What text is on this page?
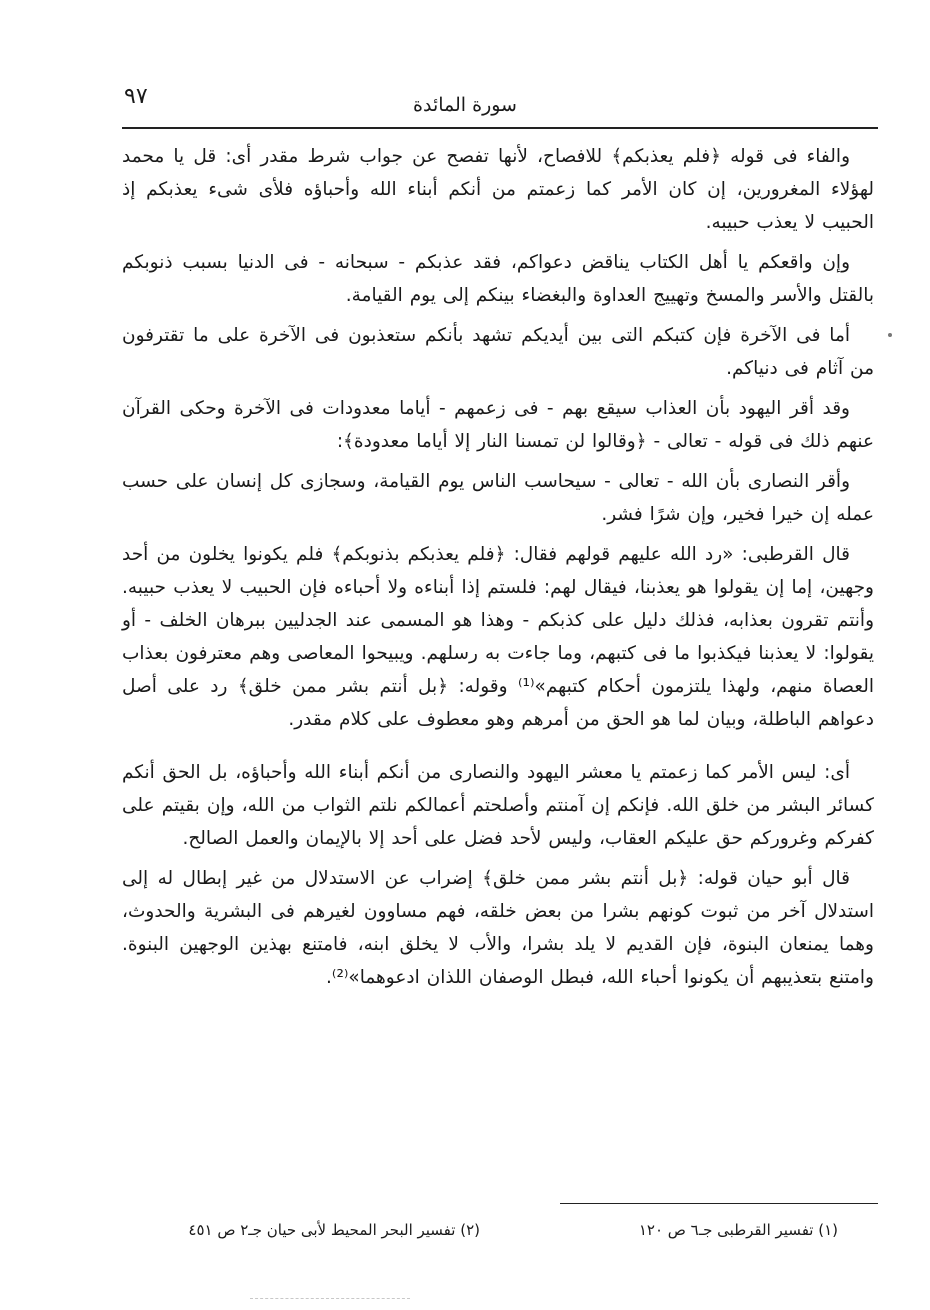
٩٧	سورة المائدة

والفاء فى قوله ﴿فلم يعذبكم﴾ للافصاح، لأنها تفصح عن جواب شرط مقدر أى: قل يا محمد لهؤلاء المغرورين، إن كان الأمر كما زعمتم من أنكم أبناء الله وأحباؤه فلأى شىء يعذبكم إذ الحبيب لا يعذب حبيبه.

وإن واقعكم يا أهل الكتاب يناقض دعواكم، فقد عذبكم - سبحانه - فى الدنيا بسبب ذنوبكم بالقتل والأسر والمسخ وتهييج العداوة والبغضاء بينكم إلى يوم القيامة.

أما فى الآخرة فإن كتبكم التى بين أيديكم تشهد بأنكم ستعذبون فى الآخرة على ما تقترفون من آثام فى دنياكم.

وقد أقر اليهود بأن العذاب سيقع بهم - فى زعمهم - أياما معدودات فى الآخرة وحكى القرآن عنهم ذلك فى قوله - تعالى - ﴿وقالوا لن تمسنا النار إلا أياما معدودة﴾:

وأقر النصارى بأن الله - تعالى - سيحاسب الناس يوم القيامة، وسجازى كل إنسان على حسب عمله إن خيرا فخير، وإن شرًا فشر.

قال القرطبى: «رد الله عليهم قولهم فقال: ﴿فلم يعذبكم بذنوبكم﴾ فلم يكونوا يخلون من أحد وجهين، إما إن يقولوا هو يعذبنا، فيقال لهم: فلستم إذا أبناءه ولا أحباءه فإن الحبيب لا يعذب حبيبه. وأنتم تقرون بعذابه، فذلك دليل على كذبكم - وهذا هو المسمى عند الجدليين ببرهان الخلف - أو يقولوا: لا يعذبنا فيكذبوا ما فى كتبهم، وما جاءت به رسلهم. ويبيحوا المعاصى وهم معترفون بعذاب العصاة منهم، ولهذا يلتزمون أحكام كتبهم»⁽¹⁾ وقوله: ﴿بل أنتم بشر ممن خلق﴾ رد على أصل دعواهم الباطلة، وبيان لما هو الحق من أمرهم وهو معطوف على كلام مقدر.

أى: ليس الأمر كما زعمتم يا معشر اليهود والنصارى من أنكم أبناء الله وأحباؤه، بل الحق أنكم كسائر البشر من خلق الله. فإنكم إن آمنتم وأصلحتم أعمالكم نلتم الثواب من الله، وإن بقيتم على كفركم وغروركم حق عليكم العقاب، وليس لأحد فضل على أحد إلا بالإيمان والعمل الصالح.

قال أبو حيان قوله: ﴿بل أنتم بشر ممن خلق﴾ إضراب عن الاستدلال من غير إبطال له إلى استدلال آخر من ثبوت كونهم بشرا من بعض خلقه، فهم مساوون لغيرهم فى البشرية والحدوث، وهما يمنعان البنوة، فإن القديم لا يلد بشرا، والأب لا يخلق ابنه، فامتنع بهذين الوجهين البنوة. وامتنع بتعذيبهم أن يكونوا أحباء الله، فبطل الوصفان اللذان ادعوهما»⁽²⁾.

(١) تفسير القرطبى جـ٦ ص ١٢٠
(٢) تفسير البحر المحيط لأبى حيان جـ٢ ص ٤٥١
